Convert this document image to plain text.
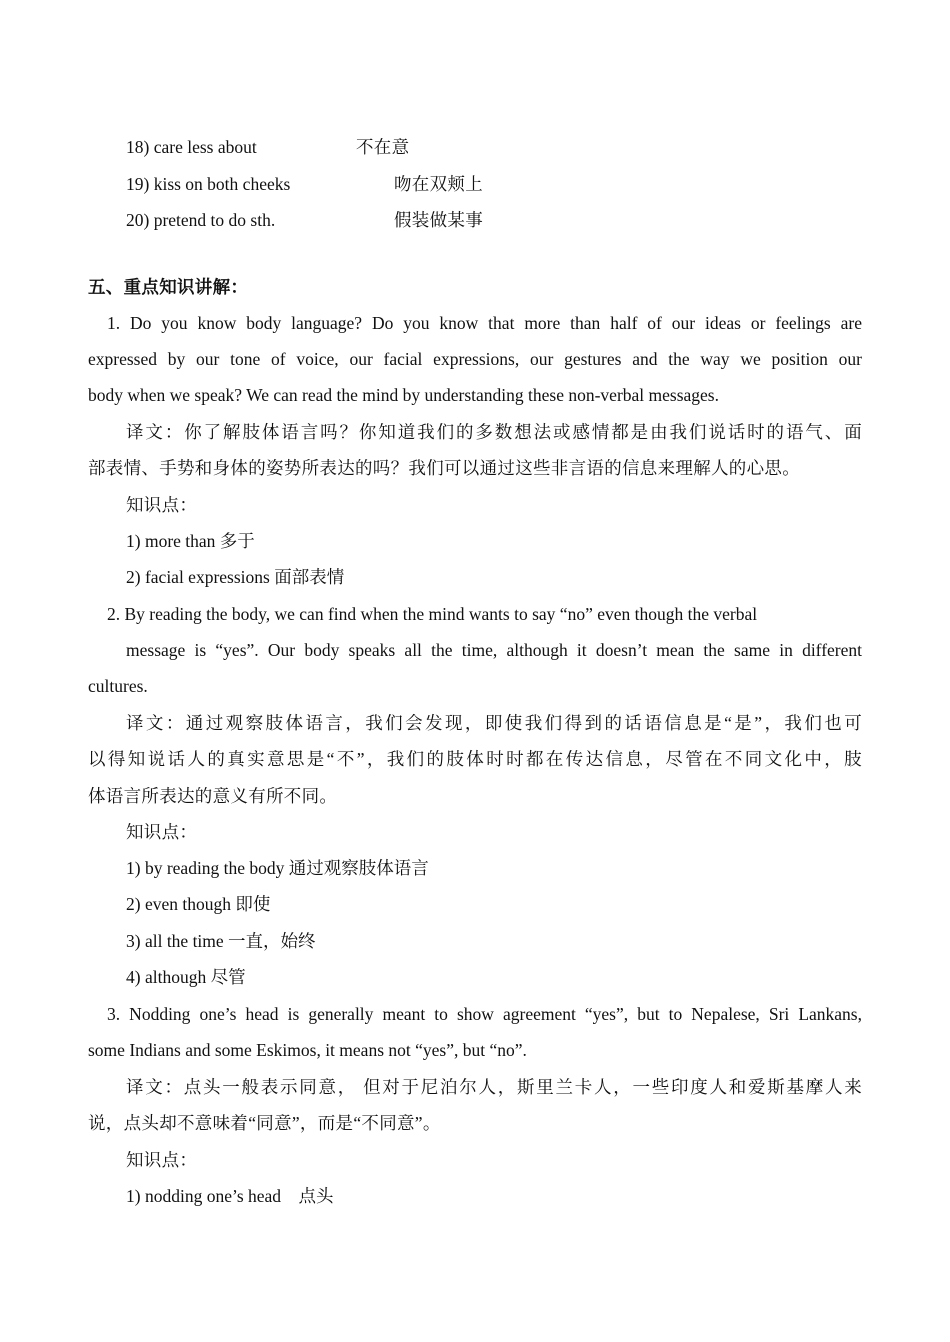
18) care less about	不在意
19) kiss on both cheeks	吻在双颊上
20) pretend to do sth.	假装做某事
五、重点知识讲解：
1. Do you know body language? Do you know that more than half of our ideas or feelings are
expressed by our tone of voice, our facial expressions, our gestures and the way we position our
body when we speak? We can read the mind by understanding these non-verbal messages.
译文：你了解肢体语言吗？你知道我们的多数想法或感情都是由我们说话时的语气、面
部表情、手势和身体的姿势所表达的吗？我们可以通过这些非言语的信息来理解人的心思。
知识点：
1) more than 多于
2) facial expressions 面部表情
2. By reading the body, we can find when the mind wants to say “no” even though the verbal
message is “yes”. Our body speaks all the time, although it doesn’t mean the same in different
cultures.
译文：通过观察肢体语言，我们会发现，即使我们得到的话语信息是“是”，我们也可
以得知说话人的真实意思是“不”，我们的肢体时时都在传达信息，尽管在不同文化中，肢
体语言所表达的意义有所不同。
知识点：
1) by reading the body 通过观察肢体语言
2) even though 即使
3) all the time 一直，始终
4) although 尽管
3. Nodding one’s head is generally meant to show agreement “yes”, but to Nepalese, Sri Lankans,
some Indians and some Eskimos, it means not “yes”, but “no”.
译文：点头一般表示同意， 但对于尼泊尔人，斯里兰卡人，一些印度人和爱斯基摩人来
说，点头却不意味着“同意”，而是“不同意”。
知识点：
1) nodding one’s head    点头
